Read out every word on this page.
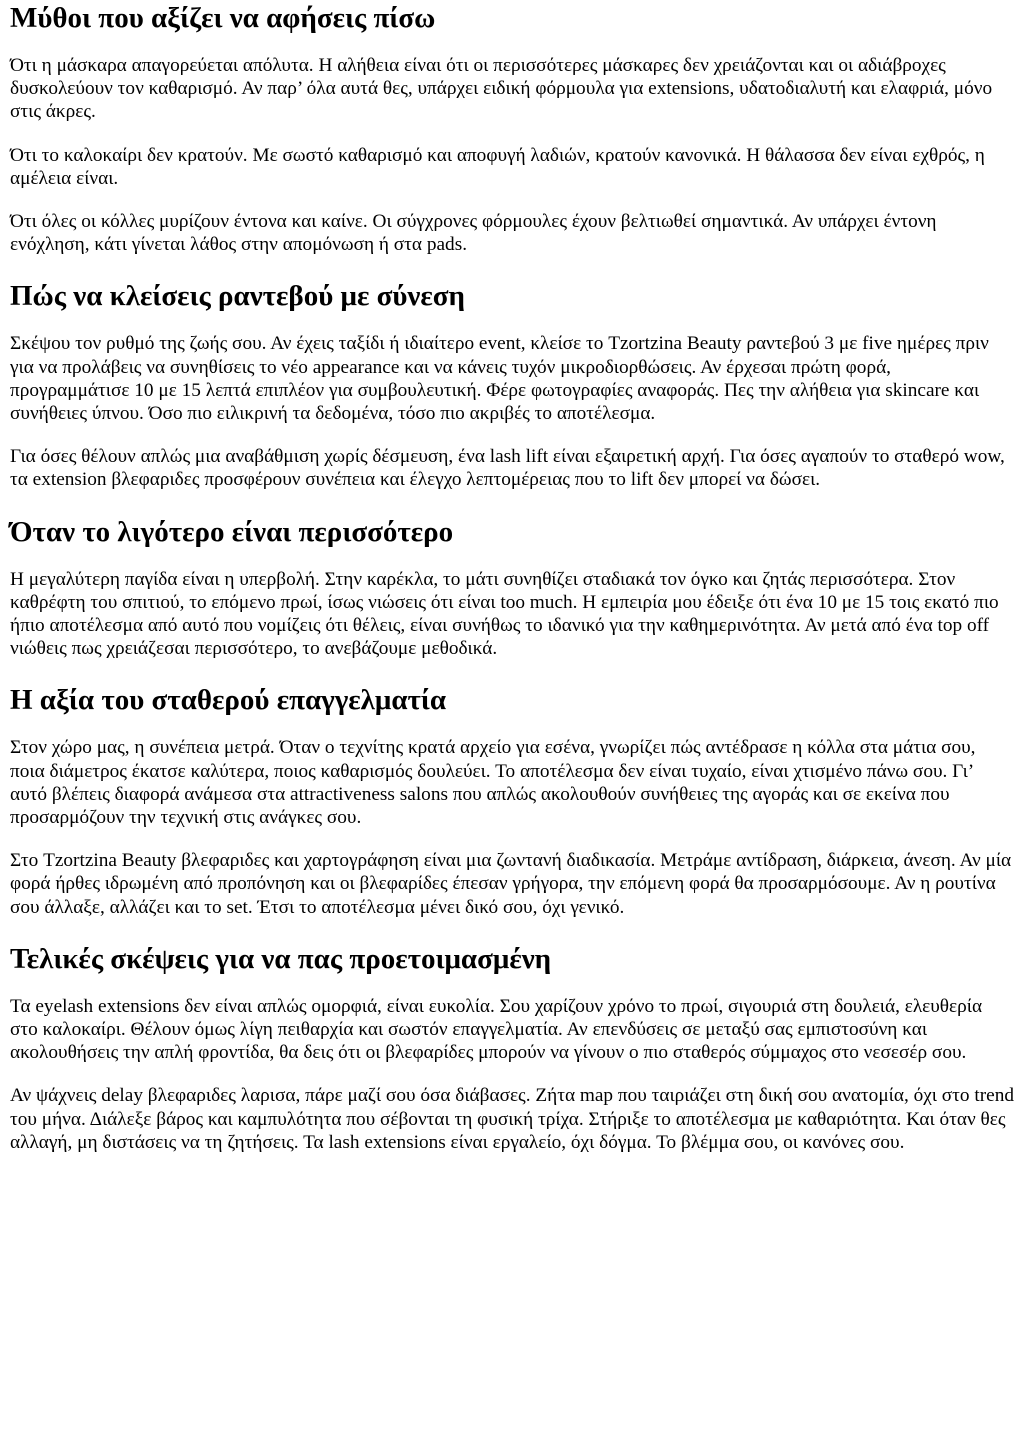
Μύθοι που αξίζει να αφήσεις πίσω

Ότι η μάσκαρα απαγορεύεται απόλυτα. Η αλήθεια είναι ότι οι περισσότερες μάσκαρες δεν χρειάζονται και οι αδιάβροχες δυσκολεύουν τον καθαρισμό. Αν παρ’ όλα αυτά θες, υπάρχει ειδική φόρμουλα για extensions, υδατοδιαλυτή και ελαφριά, μόνο στις άκρες.

Ότι το καλοκαίρι δεν κρατούν. Με σωστό καθαρισμό και αποφυγή λαδιών, κρατούν κανονικά. Η θάλασσα δεν είναι εχθρός, η αμέλεια είναι.

Ότι όλες οι κόλλες μυρίζουν έντονα και καίνε. Οι σύγχρονες φόρμουλες έχουν βελτιωθεί σημαντικά. Αν υπάρχει έντονη ενόχληση, κάτι γίνεται λάθος στην απομόνωση ή στα pads.

Πώς να κλείσεις ραντεβού με σύνεση

Σκέψου τον ρυθμό της ζωής σου. Αν έχεις ταξίδι ή ιδιαίτερο event, κλείσε το Tzortzina Beauty ραντεβού 3 με five ημέρες πριν για να προλάβεις να συνηθίσεις το νέο appearance και να κάνεις τυχόν μικροδιορθώσεις. Αν έρχεσαι πρώτη φορά, προγραμμάτισε 10 με 15 λεπτά επιπλέον για συμβουλευτική. Φέρε φωτογραφίες αναφοράς. Πες την αλήθεια για skincare και συνήθειες ύπνου. Όσο πιο ειλικρινή τα δεδομένα, τόσο πιο ακριβές το αποτέλεσμα.

Για όσες θέλουν απλώς μια αναβάθμιση χωρίς δέσμευση, ένα lash lift είναι εξαιρετική αρχή. Για όσες αγαπούν το σταθερό wow, τα extension βλεφαριδες προσφέρουν συνέπεια και έλεγχο λεπτομέρειας που το lift δεν μπορεί να δώσει.

Όταν το λιγότερο είναι περισσότερο

Η μεγαλύτερη παγίδα είναι η υπερβολή. Στην καρέκλα, το μάτι συνηθίζει σταδιακά τον όγκο και ζητάς περισσότερα. Στον καθρέφτη του σπιτιού, το επόμενο πρωί, ίσως νιώσεις ότι είναι too much. Η εμπειρία μου έδειξε ότι ένα 10 με 15 τοις εκατό πιο ήπιο αποτέλεσμα από αυτό που νομίζεις ότι θέλεις, είναι συνήθως το ιδανικό για την καθημερινότητα. Αν μετά από ένα top off νιώθεις πως χρειάζεσαι περισσότερο, το ανεβάζουμε μεθοδικά.

Η αξία του σταθερού επαγγελματία

Στον χώρο μας, η συνέπεια μετρά. Όταν ο τεχνίτης κρατά αρχείο για εσένα, γνωρίζει πώς αντέδρασε η κόλλα στα μάτια σου, ποια διάμετρος έκατσε καλύτερα, ποιος καθαρισμός δουλεύει. Το αποτέλεσμα δεν είναι τυχαίο, είναι χτισμένο πάνω σου. Γι’ αυτό βλέπεις διαφορά ανάμεσα στα attractiveness salons που απλώς ακολουθούν συνήθειες της αγοράς και σε εκείνα που προσαρμόζουν την τεχνική στις ανάγκες σου.

Στο Tzortzina Beauty βλεφαριδες και χαρτογράφηση είναι μια ζωντανή διαδικασία. Μετράμε αντίδραση, διάρκεια, άνεση. Αν μία φορά ήρθες ιδρωμένη από προπόνηση και οι βλεφαρίδες έπεσαν γρήγορα, την επόμενη φορά θα προσαρμόσουμε. Αν η ρουτίνα σου άλλαξε, αλλάζει και το set. Έτσι το αποτέλεσμα μένει δικό σου, όχι γενικό.

Τελικές σκέψεις για να πας προετοιμασμένη

Τα eyelash extensions δεν είναι απλώς ομορφιά, είναι ευκολία. Σου χαρίζουν χρόνο το πρωί, σιγουριά στη δουλειά, ελευθερία στο καλοκαίρι. Θέλουν όμως λίγη πειθαρχία και σωστόν επαγγελματία. Αν επενδύσεις σε μεταξύ σας εμπιστοσύνη και ακολουθήσεις την απλή φροντίδα, θα δεις ότι οι βλεφαρίδες μπορούν να γίνουν ο πιο σταθερός σύμμαχος στο νεσεσέρ σου.

Αν ψάχνεις delay βλεφαριδες λαρισα, πάρε μαζί σου όσα διάβασες. Ζήτα map που ταιριάζει στη δική σου ανατομία, όχι στο trend του μήνα. Διάλεξε βάρος και καμπυλότητα που σέβονται τη φυσική τρίχα. Στήριξε το αποτέλεσμα με καθαριότητα. Και όταν θες αλλαγή, μη διστάσεις να τη ζητήσεις. Τα lash extensions είναι εργαλείο, όχι δόγμα. Το βλέμμα σου, οι κανόνες σου.
